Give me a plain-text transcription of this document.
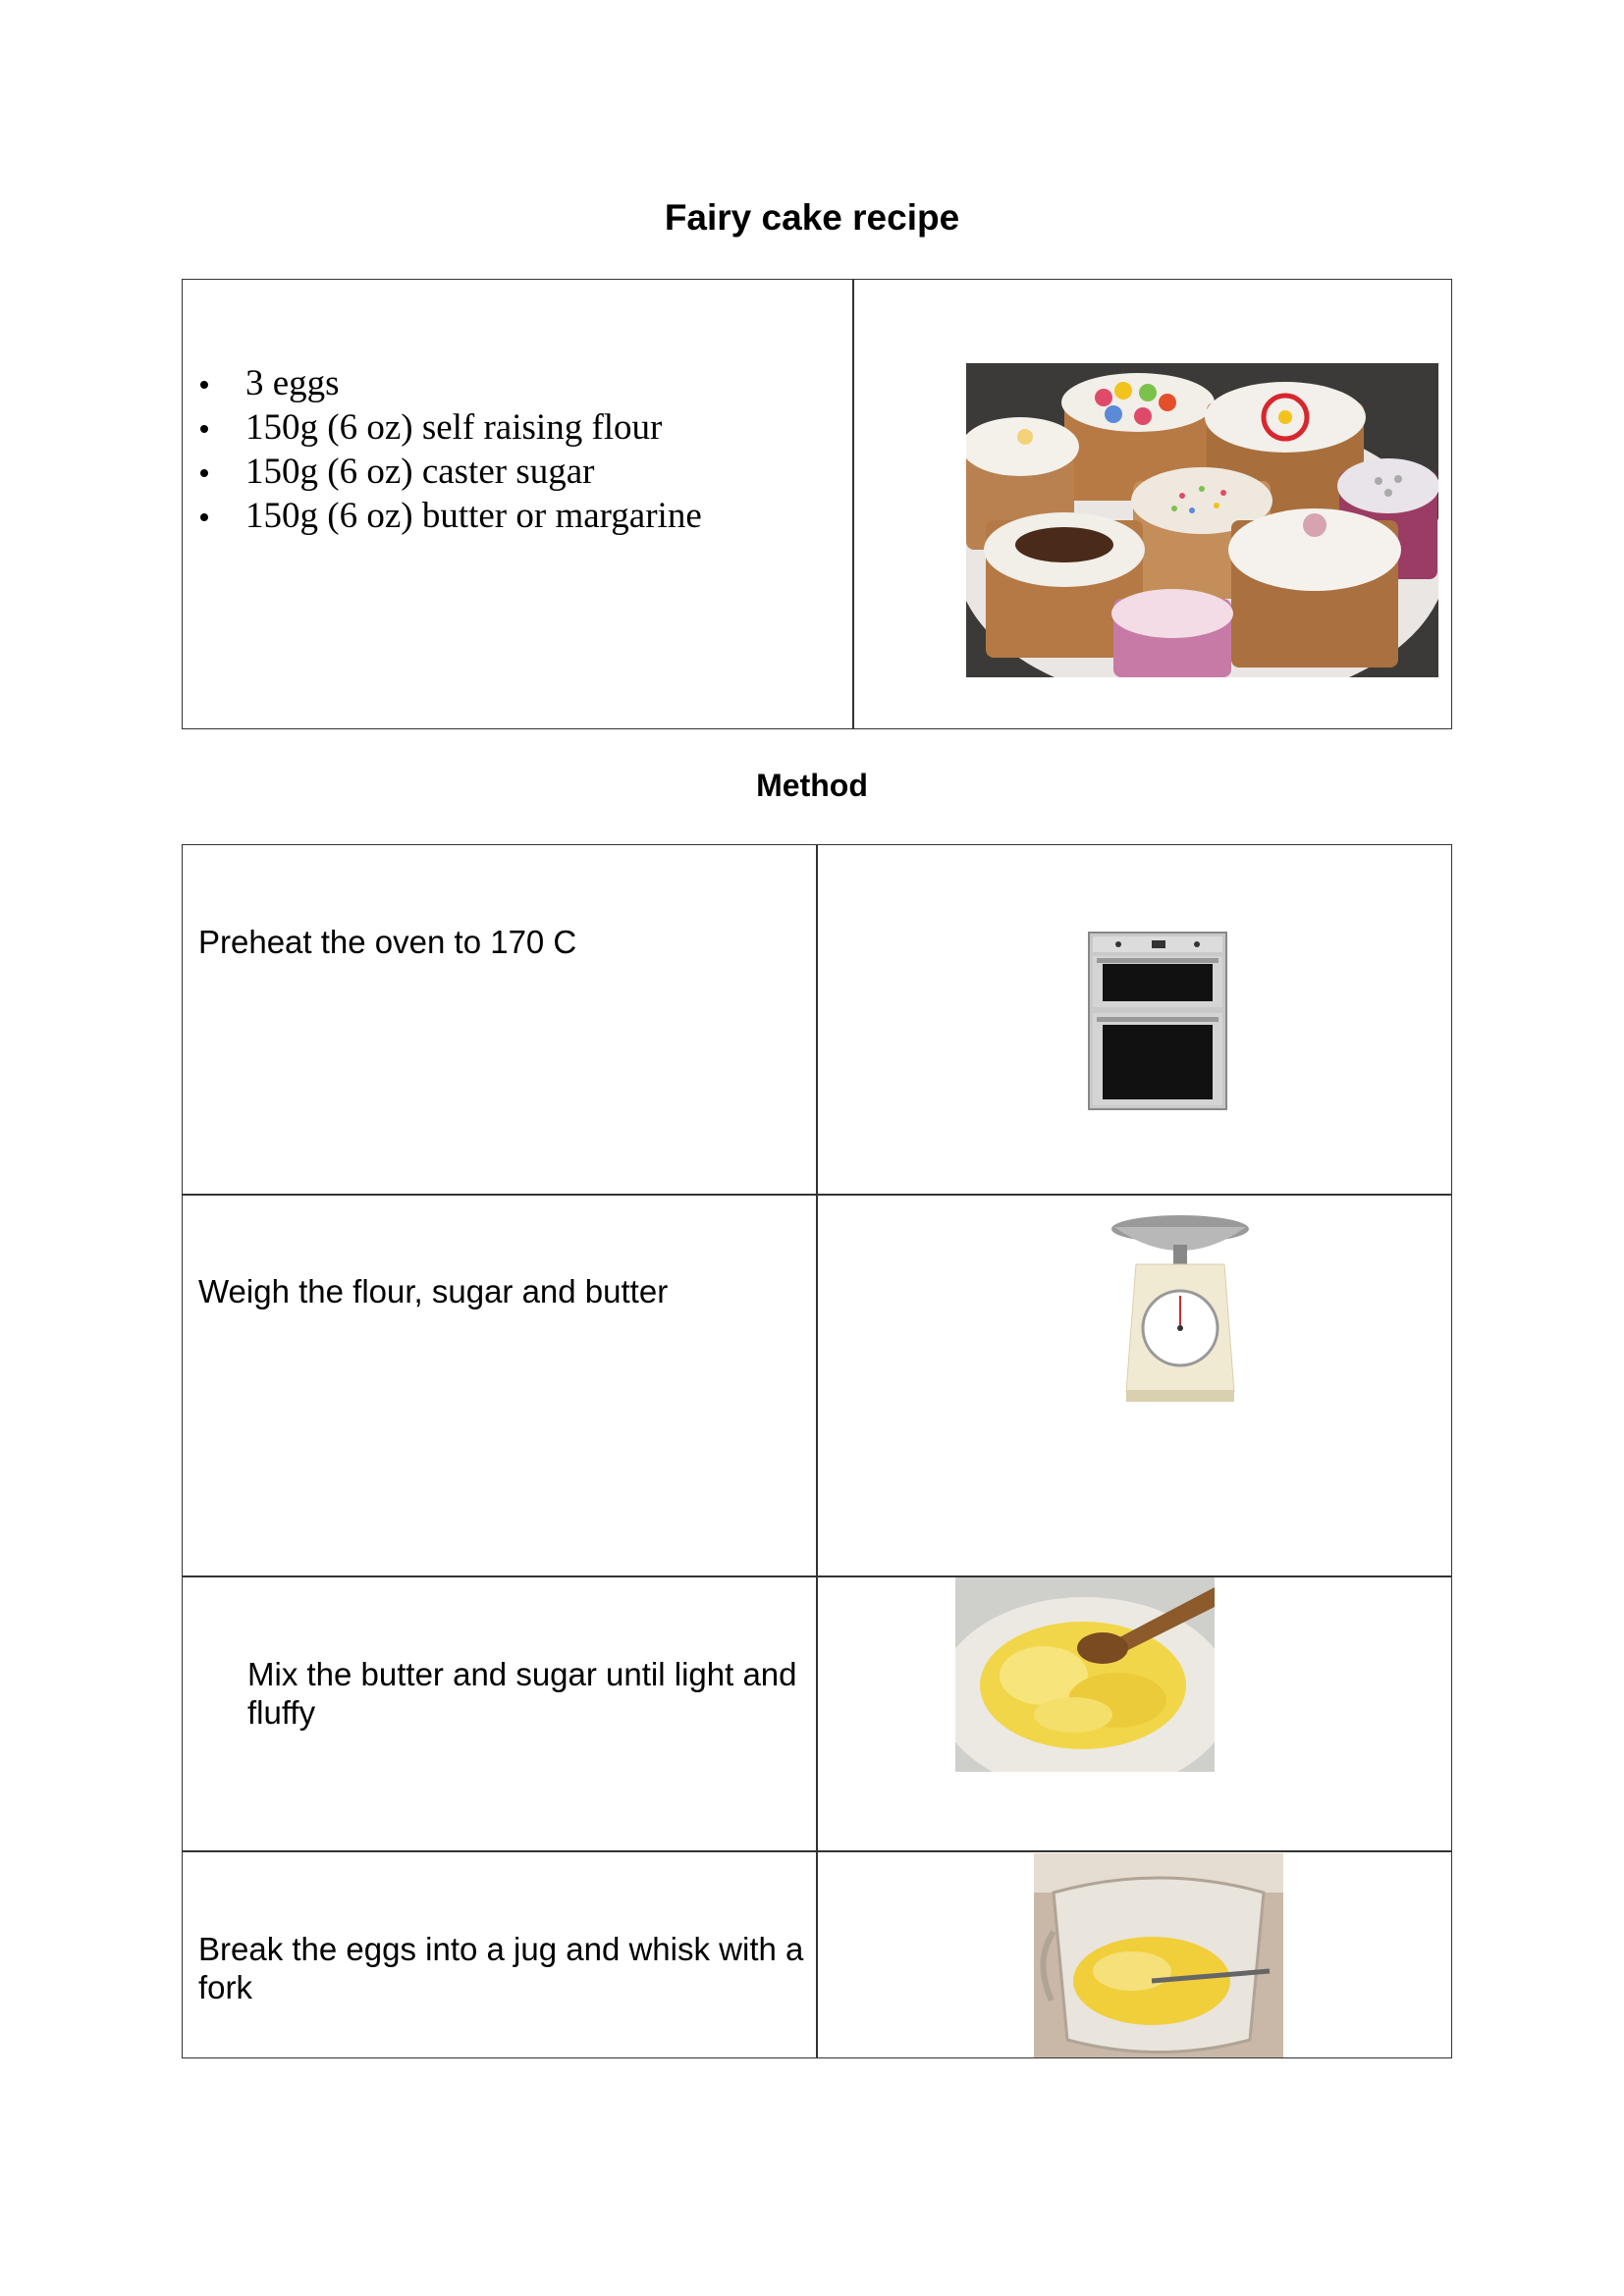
Fairy cake recipe
3 eggs
150g (6 oz) self raising flour
150g (6 oz) caster sugar
150g (6 oz) butter or margarine
Method
Preheat the oven to 170 C
Weigh the flour, sugar and butter
Mix the butter and sugar until light and fluffy
Break the eggs into a jug and whisk with a fork
